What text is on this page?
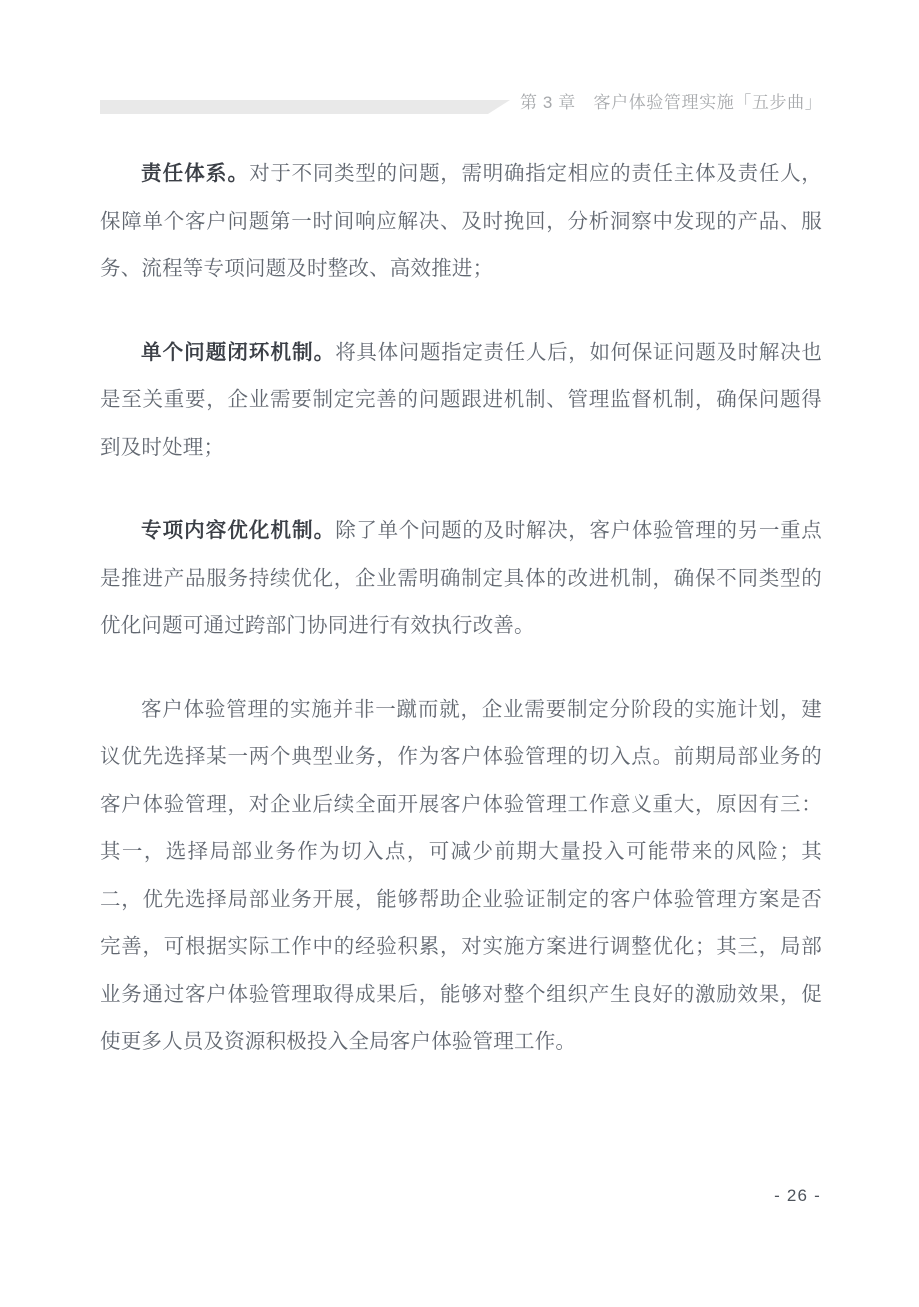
第 3 章　客户体验管理实施「五步曲」

责任体系。对于不同类型的问题，需明确指定相应的责任主体及责任人，保障单个客户问题第一时间响应解决、及时挽回，分析洞察中发现的产品、服务、流程等专项问题及时整改、高效推进；

单个问题闭环机制。将具体问题指定责任人后，如何保证问题及时解决也是至关重要，企业需要制定完善的问题跟进机制、管理监督机制，确保问题得到及时处理；

专项内容优化机制。除了单个问题的及时解决，客户体验管理的另一重点是推进产品服务持续优化，企业需明确制定具体的改进机制，确保不同类型的优化问题可通过跨部门协同进行有效执行改善。

客户体验管理的实施并非一蹴而就，企业需要制定分阶段的实施计划，建议优先选择某一两个典型业务，作为客户体验管理的切入点。前期局部业务的客户体验管理，对企业后续全面开展客户体验管理工作意义重大，原因有三：其一，选择局部业务作为切入点，可减少前期大量投入可能带来的风险；其二，优先选择局部业务开展，能够帮助企业验证制定的客户体验管理方案是否完善，可根据实际工作中的经验积累，对实施方案进行调整优化；其三，局部业务通过客户体验管理取得成果后，能够对整个组织产生良好的激励效果，促使更多人员及资源积极投入全局客户体验管理工作。

- 26 -
